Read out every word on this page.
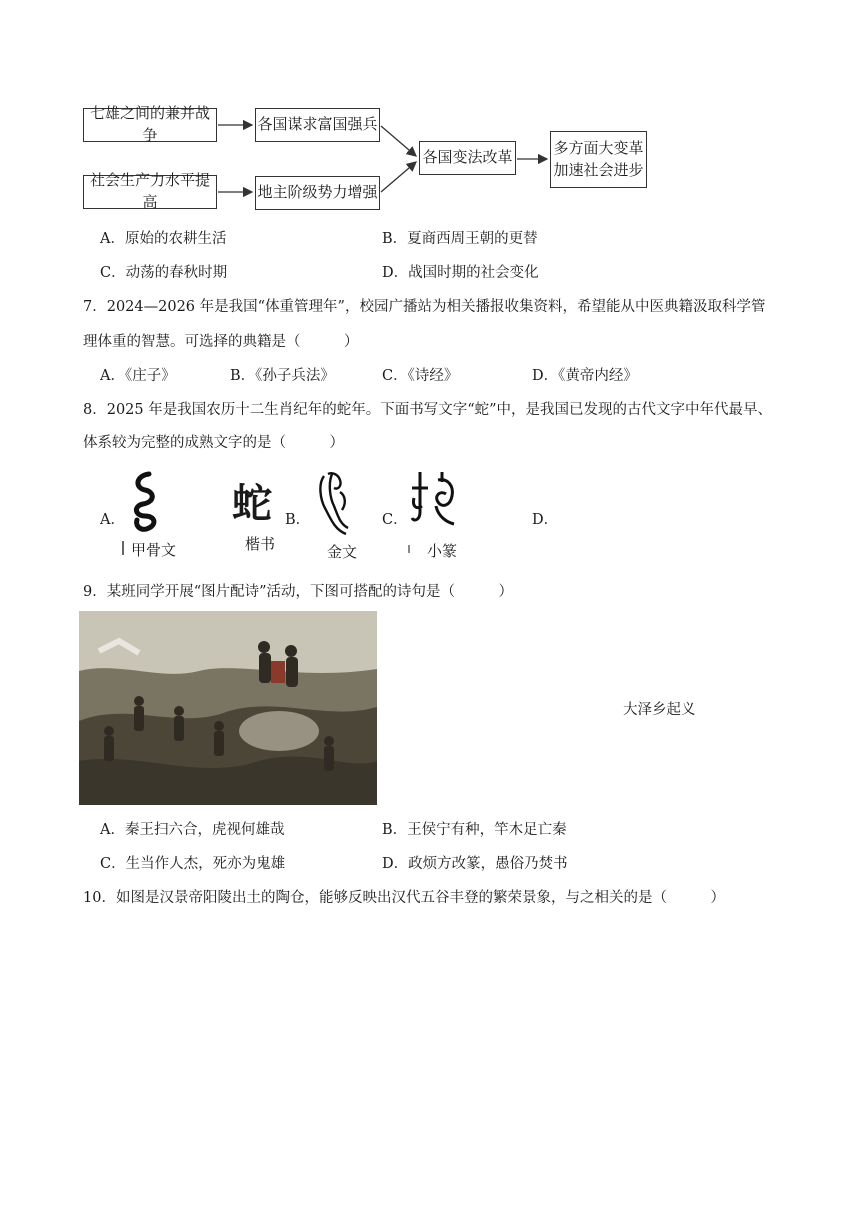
七雄之间的兼并战争
各国谋求富国强兵
社会生产力水平提高
地主阶级势力增强
各国变法改革
多方面大变革
加速社会进步
A．原始的农耕生活	B．夏商西周王朝的更替
C．动荡的春秋时期	D．战国时期的社会变化
7．2024—2026 年是我国“体重管理年”，校园广播站为相关播报收集资料，希望能从中医典籍汲取科学管
理体重的智慧。可选择的典籍是（　　　）
A．《庄子》	B．《孙子兵法》	C．《诗经》	D．《黄帝内经》
8．2025 年是我国农历十二生肖纪年的蛇年。下面书写文字“蛇”中，是我国已发现的古代文字中年代最早、
体系较为完整的成熟文字的是（　　　）
A．	B．	C．	D．
甲骨文
蛇
楷书	金文	小篆
9．某班同学开展“图片配诗”活动，下图可搭配的诗句是（　　　）
大泽乡起义
A．秦王扫六合，虎视何雄哉	B．王侯宁有种，竿木足亡秦
C．生当作人杰，死亦为鬼雄	D．政烦方改篆，愚俗乃焚书
10．如图是汉景帝阳陵出土的陶仓，能够反映出汉代五谷丰登的繁荣景象，与之相关的是（　　　）
